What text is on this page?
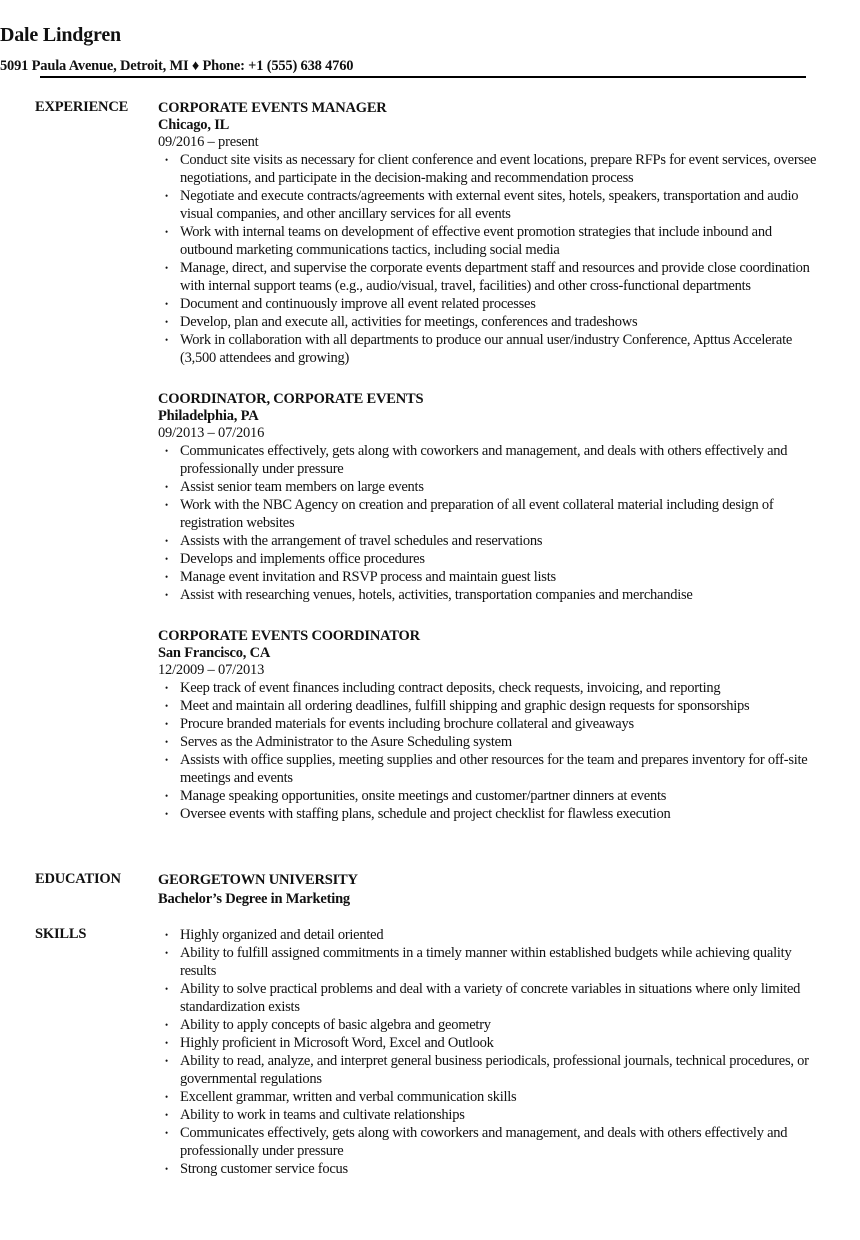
Dale Lindgren
5091 Paula Avenue, Detroit, MI ♦ Phone: +1 (555) 638 4760
EXPERIENCE CORPORATE EVENTS MANAGER
Chicago, IL
09/2016 – present
• Conduct site visits as necessary for client conference and event locations, prepare RFPs for event services, oversee negotiations, and participate in the decision-making and recommendation process
• Negotiate and execute contracts/agreements with external event sites, hotels, speakers, transportation and audio visual companies, and other ancillary services for all events
• Work with internal teams on development of effective event promotion strategies that include inbound and outbound marketing communications tactics, including social media
• Manage, direct, and supervise the corporate events department staff and resources and provide close coordination with internal support teams (e.g., audio/visual, travel, facilities) and other cross-functional departments
• Document and continuously improve all event related processes
• Develop, plan and execute all, activities for meetings, conferences and tradeshows
• Work in collaboration with all departments to produce our annual user/industry Conference, Apttus Accelerate (3,500 attendees and growing)
COORDINATOR, CORPORATE EVENTS
Philadelphia, PA
09/2013 – 07/2016
• Communicates effectively, gets along with coworkers and management, and deals with others effectively and professionally under pressure
• Assist senior team members on large events
• Work with the NBC Agency on creation and preparation of all event collateral material including design of registration websites
• Assists with the arrangement of travel schedules and reservations
• Develops and implements office procedures
• Manage event invitation and RSVP process and maintain guest lists
• Assist with researching venues, hotels, activities, transportation companies and merchandise
CORPORATE EVENTS COORDINATOR
San Francisco, CA
12/2009 – 07/2013
• Keep track of event finances including contract deposits, check requests, invoicing, and reporting
• Meet and maintain all ordering deadlines, fulfill shipping and graphic design requests for sponsorships
• Procure branded materials for events including brochure collateral and giveaways
• Serves as the Administrator to the Asure Scheduling system
• Assists with office supplies, meeting supplies and other resources for the team and prepares inventory for off-site meetings and events
• Manage speaking opportunities, onsite meetings and customer/partner dinners at events
• Oversee events with staffing plans, schedule and project checklist for flawless execution
EDUCATION	GEORGETOWN UNIVERSITY
Bachelor’s Degree in Marketing
SKILLS	• Highly organized and detail oriented
• Ability to fulfill assigned commitments in a timely manner within established budgets while achieving quality results
• Ability to solve practical problems and deal with a variety of concrete variables in situations where only limited standardization exists
• Ability to apply concepts of basic algebra and geometry
• Highly proficient in Microsoft Word, Excel and Outlook
• Ability to read, analyze, and interpret general business periodicals, professional journals, technical procedures, or governmental regulations
• Excellent grammar, written and verbal communication skills
• Ability to work in teams and cultivate relationships
• Communicates effectively, gets along with coworkers and management, and deals with others effectively and professionally under pressure
• Strong customer service focus
